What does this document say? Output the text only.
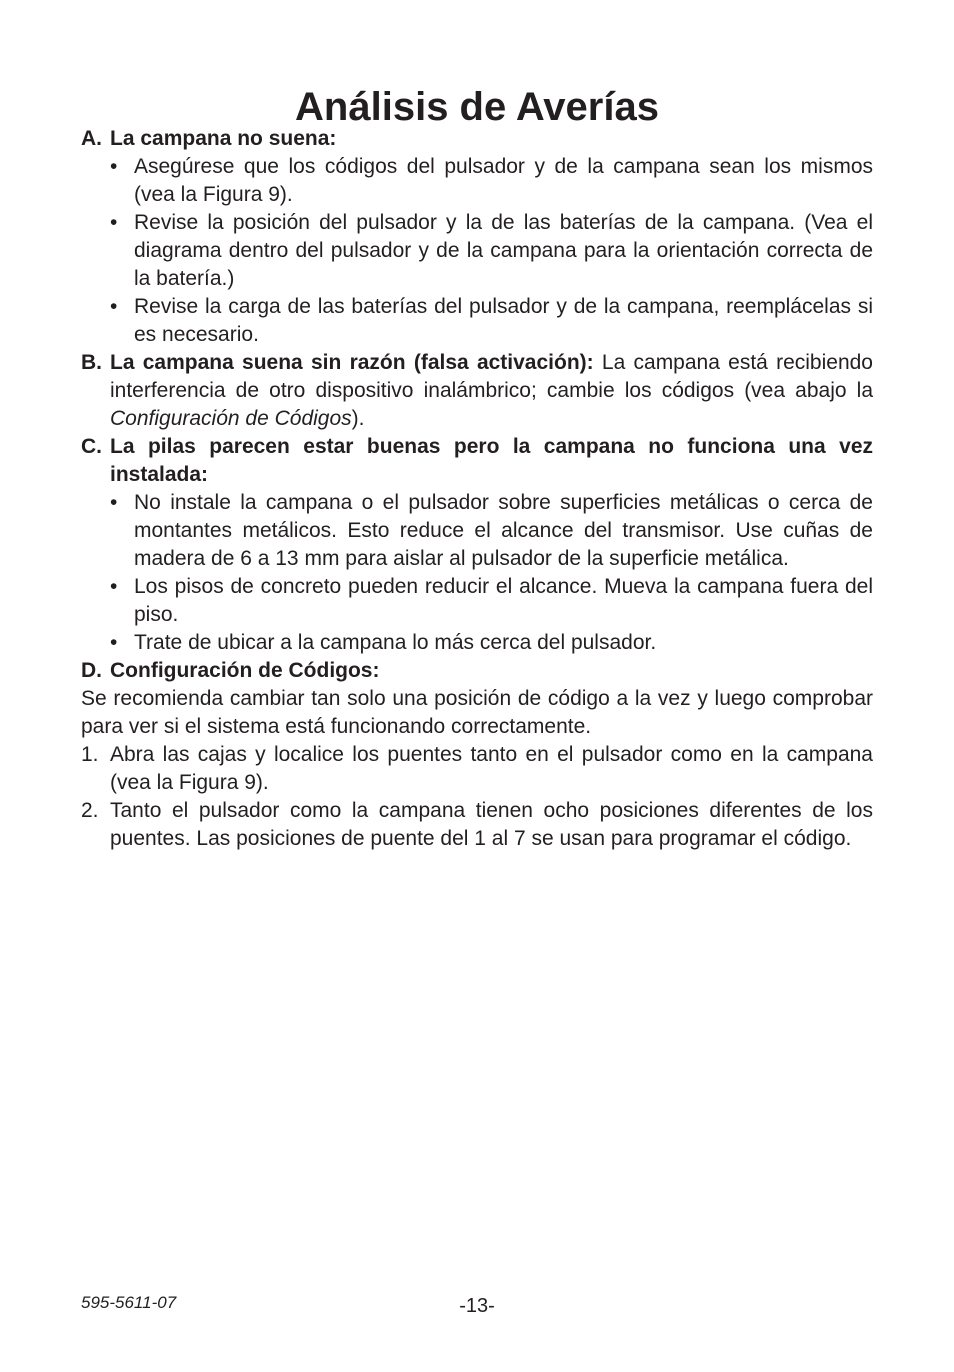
Análisis de Averías
A. La campana no suena:
• Asegúrese que los códigos del pulsador y de la campana sean los mismos (vea la Figura 9).
• Revise la posición del pulsador y la de las baterías de la campana. (Vea el diagrama dentro del pulsador y de la campana para la orientación correcta de la batería.)
• Revise la carga de las baterías del pulsador y de la campana, reemplácelas si es necesario.
B. La campana suena sin razón (falsa activación): La campana está recibiendo interferencia de otro dispositivo inalámbrico; cambie los códigos (vea abajo la Configuración de Códigos).
C. La pilas parecen estar buenas pero la campana no funciona una vez instalada:
• No instale la campana o el pulsador sobre superficies metálicas o cerca de montantes metálicos. Esto reduce el alcance del transmisor. Use cuñas de madera de 6 a 13 mm para aislar al pulsador de la superficie metálica.
• Los pisos de concreto pueden reducir el alcance. Mueva la campana fuera del piso.
• Trate de ubicar a la campana lo más cerca del pulsador.
D. Configuración de Códigos:
Se recomienda cambiar tan solo una posición de código a la vez y luego comprobar para ver si el sistema está funcionando correctamente.
1. Abra las cajas y localice los puentes tanto en el pulsador como en la campana (vea la Figura 9).
2. Tanto el pulsador como la campana tienen ocho posiciones diferentes de los puentes. Las posiciones de puente del 1 al 7 se usan para programar el código.
595-5611-07	-13-
